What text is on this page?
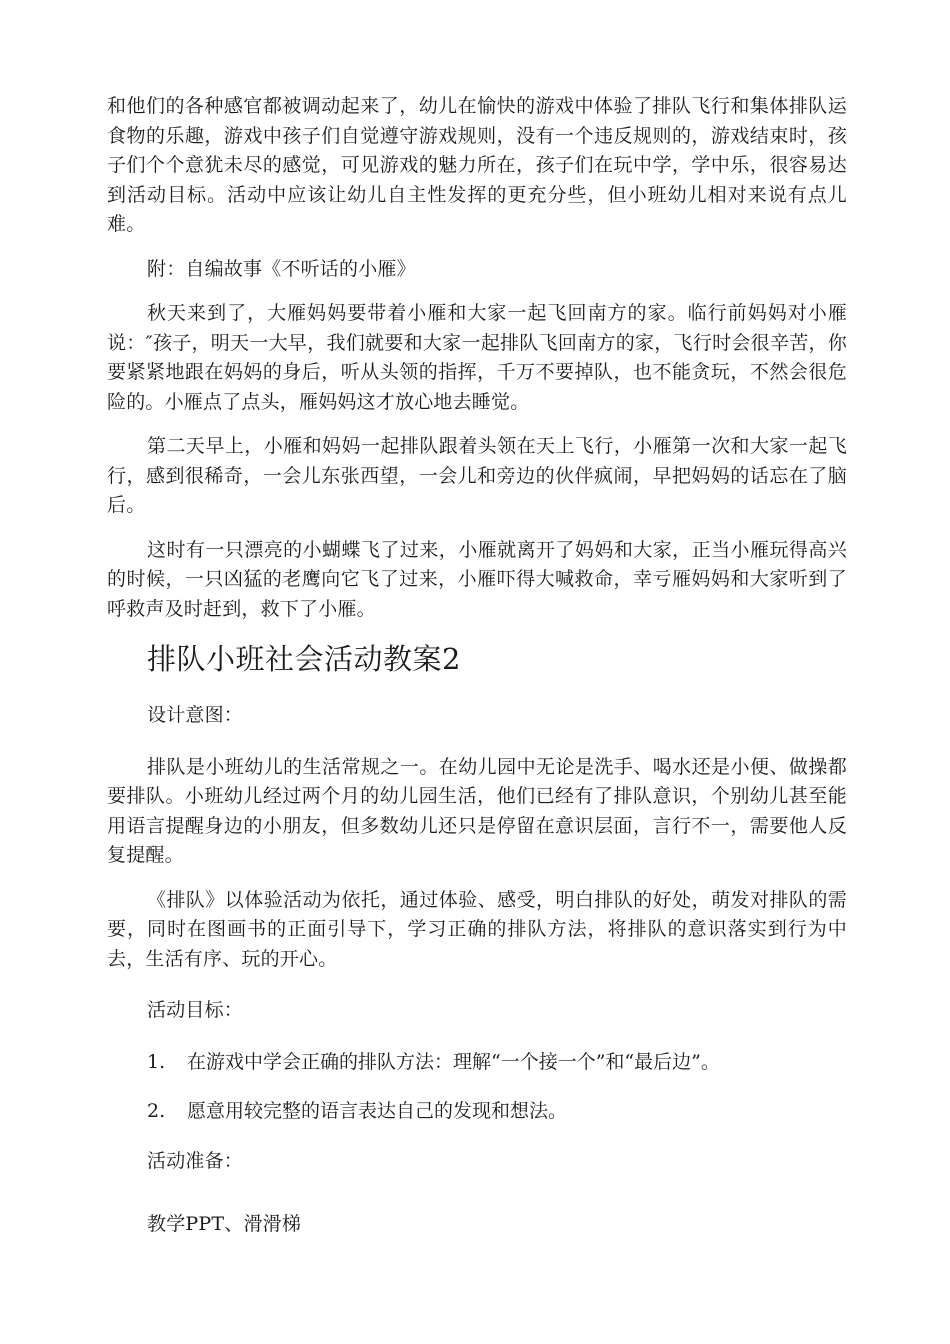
和他们的各种感官都被调动起来了，幼儿在愉快的游戏中体验了排队飞行和集体排队运食物的乐趣，游戏中孩子们自觉遵守游戏规则，没有一个违反规则的，游戏结束时，孩子们个个意犹未尽的感觉，可见游戏的魅力所在，孩子们在玩中学，学中乐，很容易达到活动目标。活动中应该让幼儿自主性发挥的更充分些，但小班幼儿相对来说有点儿难。

附：自编故事《不听话的小雁》

秋天来到了，大雁妈妈要带着小雁和大家一起飞回南方的家。临行前妈妈对小雁说：″孩子，明天一大早，我们就要和大家一起排队飞回南方的家，飞行时会很辛苦，你要紧紧地跟在妈妈的身后，听从头领的指挥，千万不要掉队，也不能贪玩，不然会很危险的。小雁点了点头，雁妈妈这才放心地去睡觉。

第二天早上，小雁和妈妈一起排队跟着头领在天上飞行，小雁第一次和大家一起飞行，感到很稀奇，一会儿东张西望，一会儿和旁边的伙伴疯闹，早把妈妈的话忘在了脑后。

这时有一只漂亮的小蝴蝶飞了过来，小雁就离开了妈妈和大家，正当小雁玩得高兴的时候，一只凶猛的老鹰向它飞了过来，小雁吓得大喊救命，幸亏雁妈妈和大家听到了呼救声及时赶到，救下了小雁。

排队小班社会活动教案2

设计意图：

排队是小班幼儿的生活常规之一。在幼儿园中无论是洗手、喝水还是小便、做操都要排队。小班幼儿经过两个月的幼儿园生活，他们已经有了排队意识，个别幼儿甚至能用语言提醒身边的小朋友，但多数幼儿还只是停留在意识层面，言行不一，需要他人反复提醒。

《排队》以体验活动为依托，通过体验、感受，明白排队的好处，萌发对排队的需要，同时在图画书的正面引导下，学习正确的排队方法，将排队的意识落实到行为中去，生活有序、玩的开心。

活动目标：

1.	在游戏中学会正确的排队方法：理解“一个接一个”和“最后边”。
2.	愿意用较完整的语言表达自己的发现和想法。

活动准备：

教学PPT、滑滑梯
